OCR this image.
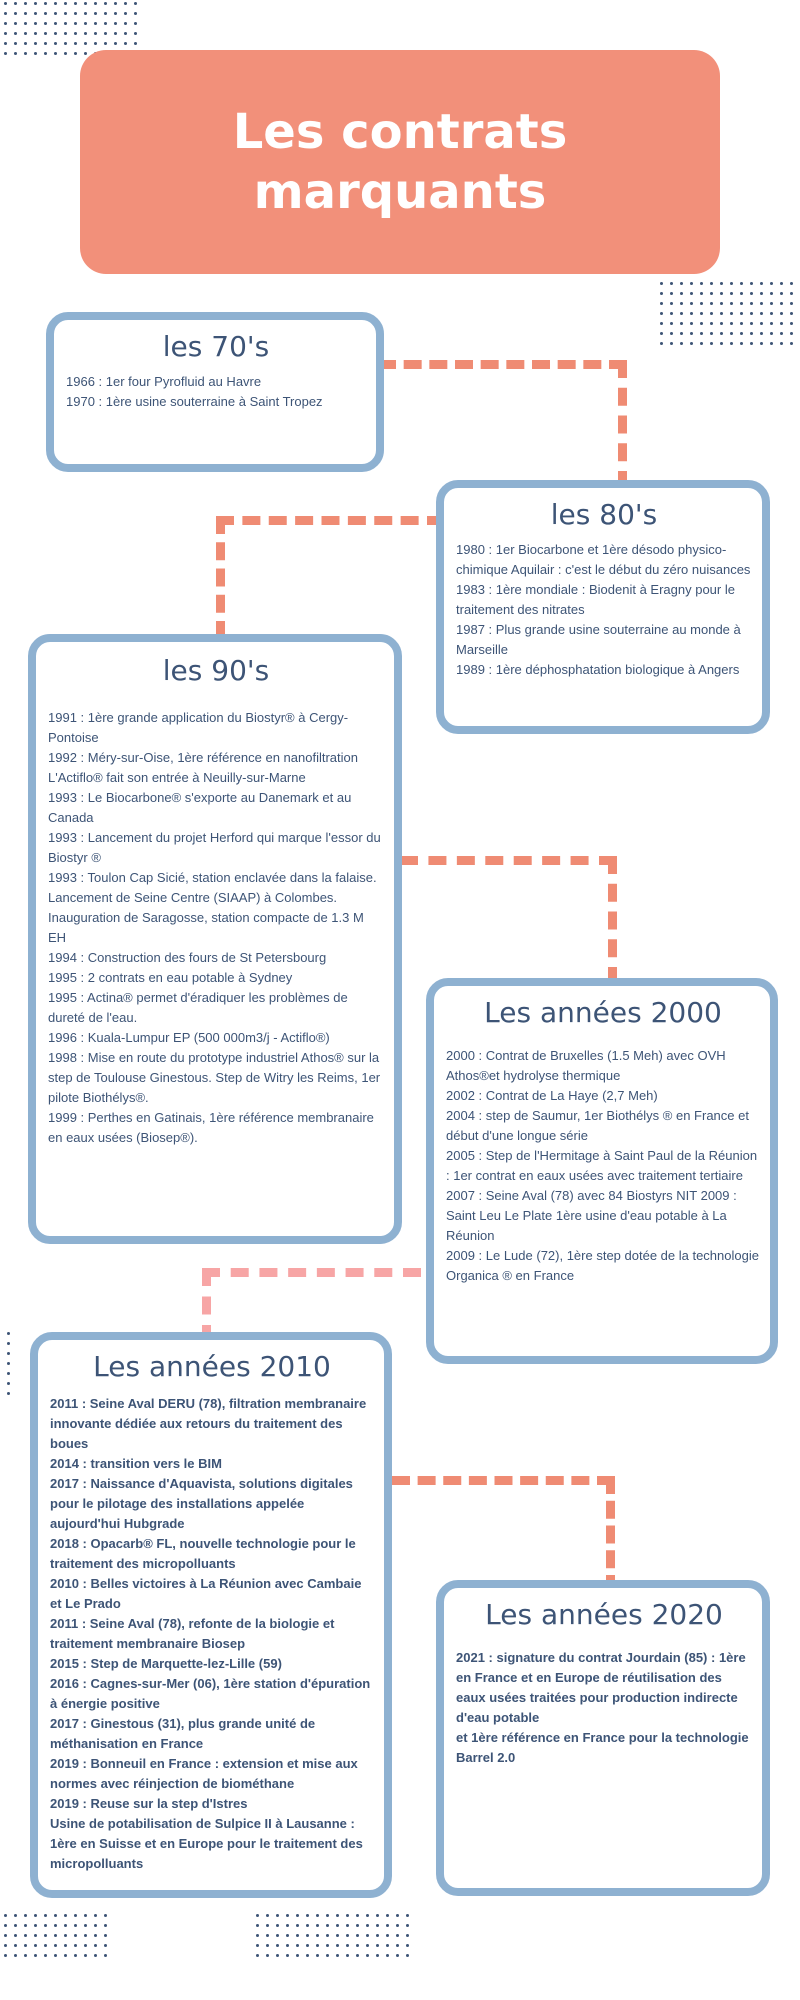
Les contrats marquants
les 70's
1966 : 1er four Pyrofluid au Havre
1970 : 1ère usine souterraine à Saint Tropez
les 80's
1980 : 1er Biocarbone et 1ère désodo physico-chimique Aquilair : c'est le début du zéro nuisances
1983 : 1ère mondiale : Biodenit à Eragny pour le traitement des nitrates
1987 : Plus grande usine souterraine au monde à Marseille
1989 : 1ère déphosphatation biologique à Angers
les 90's
1991 : 1ère grande application du Biostyr® à Cergy-Pontoise
1992 : Méry-sur-Oise, 1ère référence en nanofiltration
L'Actiflo® fait son entrée à Neuilly-sur-Marne
1993 : Le Biocarbone® s'exporte au Danemark et au Canada
1993 : Lancement du projet Herford qui marque l'essor du Biostyr ®
1993 : Toulon Cap Sicié, station enclavée dans la falaise. Lancement de Seine Centre (SIAAP) à Colombes. Inauguration de Saragosse, station compacte de 1.3 M EH
1994 : Construction des fours de St Petersbourg
1995 : 2 contrats en eau potable à Sydney
1995 : Actina® permet d'éradiquer les problèmes de dureté de l'eau.
1996 : Kuala-Lumpur EP (500 000m3/j - Actiflo®)
1998 : Mise en route du prototype industriel Athos® sur la step de Toulouse Ginestous. Step de Witry les Reims, 1er pilote Biothélys®.
1999 : Perthes en Gatinais, 1ère référence membranaire en eaux usées (Biosep®).
Les années 2000
2000 : Contrat de Bruxelles (1.5 Meh) avec OVH Athos®et hydrolyse thermique
2002 : Contrat de La Haye (2,7 Meh)
2004 : step de Saumur, 1er Biothélys ® en France et début d'une longue série
2005 : Step de l'Hermitage à Saint Paul de la Réunion : 1er contrat en eaux usées avec traitement tertiaire
2007 : Seine Aval (78) avec 84 Biostyrs NIT 2009 : Saint Leu Le Plate 1ère usine d'eau potable à La Réunion
2009 : Le Lude (72), 1ère step dotée de la technologie Organica ® en France
Les années 2010
2011 : Seine Aval DERU (78), filtration membranaire innovante dédiée aux retours du traitement des boues
2014 : transition vers le BIM
2017 : Naissance d'Aquavista, solutions digitales pour le pilotage des installations appelée aujourd'hui Hubgrade
2018 : Opacarb® FL, nouvelle technologie pour le traitement des micropolluants
2010 : Belles victoires à La Réunion avec Cambaie et Le Prado
2011 : Seine Aval (78), refonte de la biologie et traitement membranaire Biosep
2015 : Step de Marquette-lez-Lille (59)
2016 : Cagnes-sur-Mer (06), 1ère station d'épuration à énergie positive
2017 : Ginestous (31), plus grande unité de méthanisation en France
2019 : Bonneuil en France : extension et mise aux normes avec réinjection de biométhane
2019 : Reuse sur la step d'Istres
Usine de potabilisation de Sulpice II à Lausanne : 1ère en Suisse et en Europe pour le traitement des micropolluants
Les années 2020
2021 : signature du contrat Jourdain (85) : 1ère en France et en Europe de réutilisation des eaux usées traitées pour production indirecte d'eau potable
et 1ère référence en France pour la technologie Barrel 2.0
